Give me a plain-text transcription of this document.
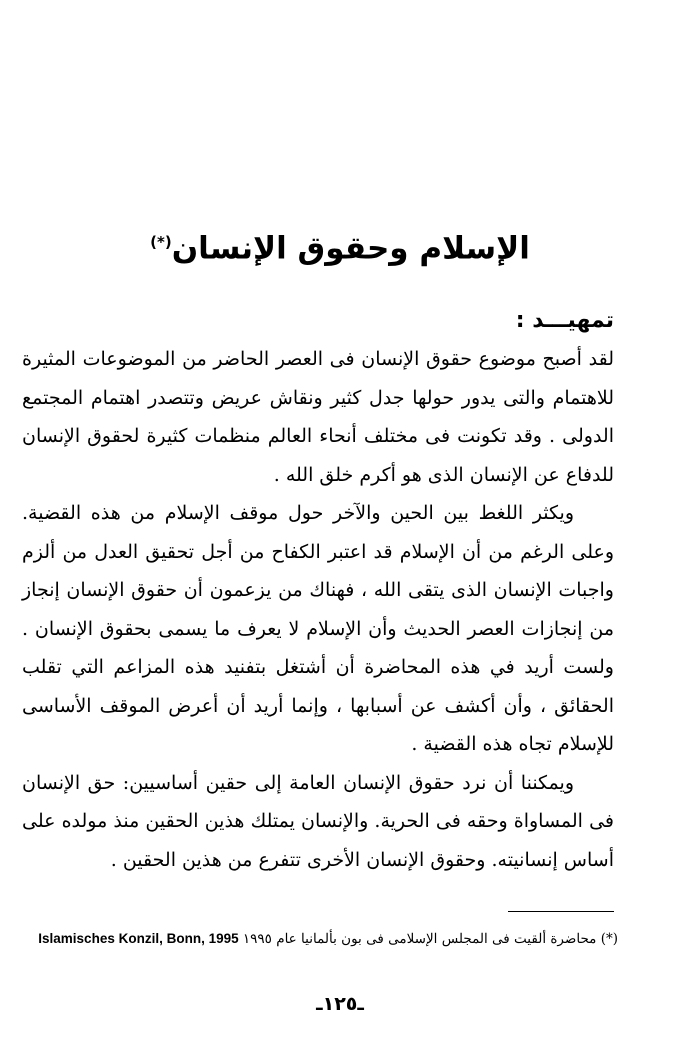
الإسلام وحقوق الإنسان(*)
تمهيـــد :

لقد أصبح موضوع حقوق الإنسان فى العصر الحاضر من الموضوعات المثيرة للاهتمام والتى يدور حولها جدل كثير ونقاش عريض وتتصدر اهتمام المجتمع الدولى . وقد تكونت فى مختلف أنحاء العالم منظمات كثيرة لحقوق الإنسان للدفاع عن الإنسان الذى هو أكرم خلق الله .

ويكثر اللغط بين الحين والآخر حول موقف الإسلام من هذه القضية. وعلى الرغم من أن الإسلام قد اعتبر الكفاح من أجل تحقيق العدل من ألزم واجبات الإنسان الذى يتقى الله ، فهناك من يزعمون أن حقوق الإنسان إنجاز من إنجازات العصر الحديث وأن الإسلام لا يعرف ما يسمى بحقوق الإنسان . ولست أريد في هذه المحاضرة أن أشتغل بتفنيد هذه المزاعم التي تقلب الحقائق ، وأن أكشف عن أسبابها ، وإنما أريد أن أعرض الموقف الأساسى للإسلام تجاه هذه القضية .

ويمكننا أن نرد حقوق الإنسان العامة إلى حقين أساسيين: حق الإنسان فى المساواة وحقه فى الحرية. والإنسان يمتلك هذين الحقين منذ مولده على أساس إنسانيته. وحقوق الإنسان الأخرى تتفرع من هذين الحقين .

(*) محاضرة ألقيت فى المجلس الإسلامى فى بون بألمانيا عام ١٩٩٥ Islamisches Konzil, Bonn, 1995
ـ١٢٥ـ
